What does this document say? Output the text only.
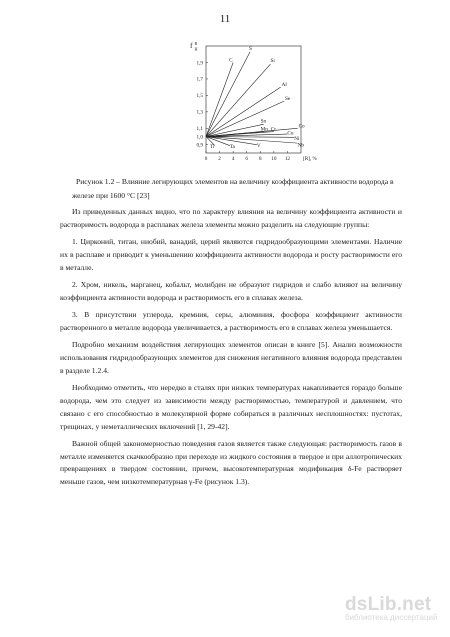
11
0 2 4 6 8 10 12
0,9
1,0
1,1
1,3
1,5
1,7
1,9
[R], %
f R
H
C
S
Si
Al
Se
Co
Sn
Mn Cr
Cu
Ni
Nb
V
Ta
Ti
Рисунок 1.2 – Влияние легирующих элементов на величину коэффициента активности водорода в железе при 1600 °С [23]

Из приведенных данных видно, что по характеру влияния на величину коэффициента активности и растворимость водорода в расплавах железа элементы можно разделить на следующие группы:

1. Цирконий, титан, ниобий, ванадий, церий являются гидридообразующими элементами. Наличие их в расплаве и приводит к уменьшению коэффициента активности водорода и росту растворимости его в металле.

2. Хром, никель, марганец, кобальт, молибден не образуют гидридов и слабо влияют на величину коэффициента активности водорода и растворимость его в сплавах железа.

3. В присутствии углерода, кремния, серы, алюминия, фосфора коэффициент активности растворенного в металле водорода увеличивается, а растворимость его в сплавах железа уменьшается.

Подробно механизм воздействия легирующих элементов описан в книге [5]. Анализ возможности использования гидридообразующих элементов для снижения негативного влияния водорода представлен в разделе 1.2.4.

Необходимо отметить, что нередко в сталях при низких температурах накапливается гораздо больше водорода, чем это следует из зависимости между растворимостью, температурой и давлением, что связано с его способностью в молекулярной форме собираться в различных несплошностях: пустотах, трещинах, у неметаллических включений [1, 29-42].

Важной общей закономерностью поведения газов является также следующая: растворимость газов в металле изменяется скачкообразно при переходе из жидкого состояния в твердое и при аллотропических превращениях в твердом состоянии, причем, высокотемпературная модификация δ-Fe растворяет меньше газов, чем низкотемпературная γ-Fe (рисунок 1.3).

dsLib.net
библиотека диссертаций
